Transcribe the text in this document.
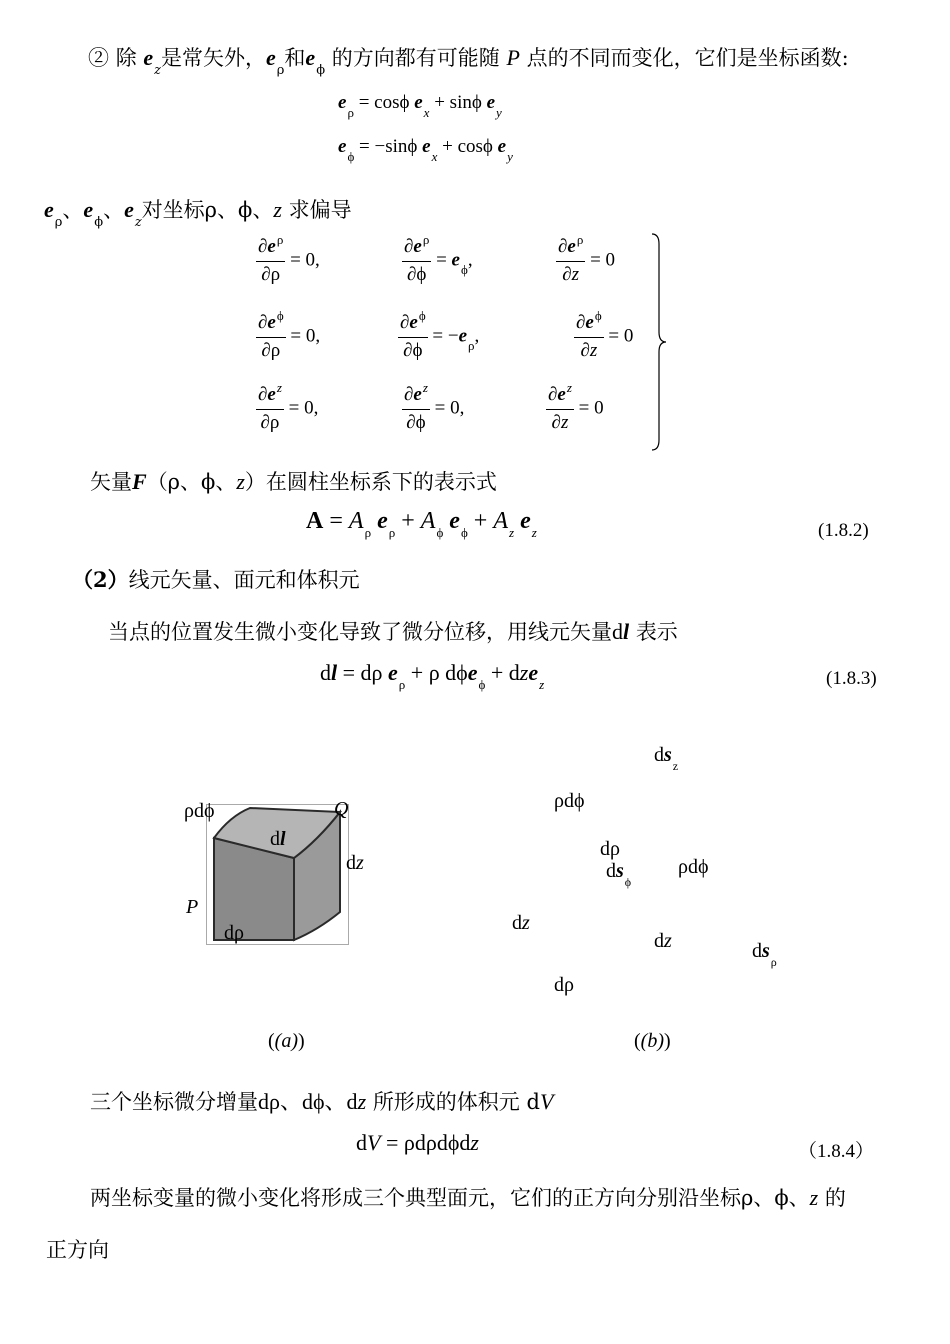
② 除 $e_z$是常矢外，$e_\rho$和$e_\phi$ 的方向都有可能随 P 点的不同而变化，它们是坐标函数:
$e_\rho = \cos\phi$ $e_x + \sin\phi$ $e_y$
$e_\phi = -\sin\phi$ $e_x + \cos\phi$ $e_y$
$e_\rho$、$e_\phi$、$e_z$对坐标ρ、ϕ、z 求偏导
$\frac{\partial e^\rho}{\partial\rho} = 0$,	$\frac{\partial e^\rho}{\partial\phi} = e_\phi$,	$\frac{\partial e^\rho}{\partial z} = 0$
$\frac{\partial e^\phi}{\partial\rho} = 0$,	$\frac{\partial e^\phi}{\partial\phi} = -e_\rho$,	$\frac{\partial e^\phi}{\partial z} = 0$
$\frac{\partial e^z}{\partial\rho} = 0$,	$\frac{\partial e^z}{\partial\phi} = 0$,	$\frac{\partial e^z}{\partial z} = 0$
矢量F（ρ、ϕ、z）在圆柱坐标系下的表示式
$A = A_\rho$ $e_\rho + A_\phi$ $e_\phi + A_z$ $e_z$	(1.8.2)
（2）线元矢量、面元和体积元
当点的位置发生微小变化导致了微分位移，用线元矢量dl 表示
dl = dρ $e_\rho + \rho$ dϕe$_\phi$ + dze$_z$	(1.8.3)
ρdϕ	Q
dl
dz
P
dρ
((a))
$ds_z$
ρdϕ
dρ
$ds_\phi$
ρdϕ
dz
dz	$ds_\rho$
dρ
((b))
三个坐标微分增量dρ、dϕ、dz 所形成的体积元 dV
dV = ρdρdϕdz	（1.8.4）
两坐标变量的微小变化将形成三个典型面元，它们的正方向分别沿坐标ρ、ϕ、z 的
正方向
